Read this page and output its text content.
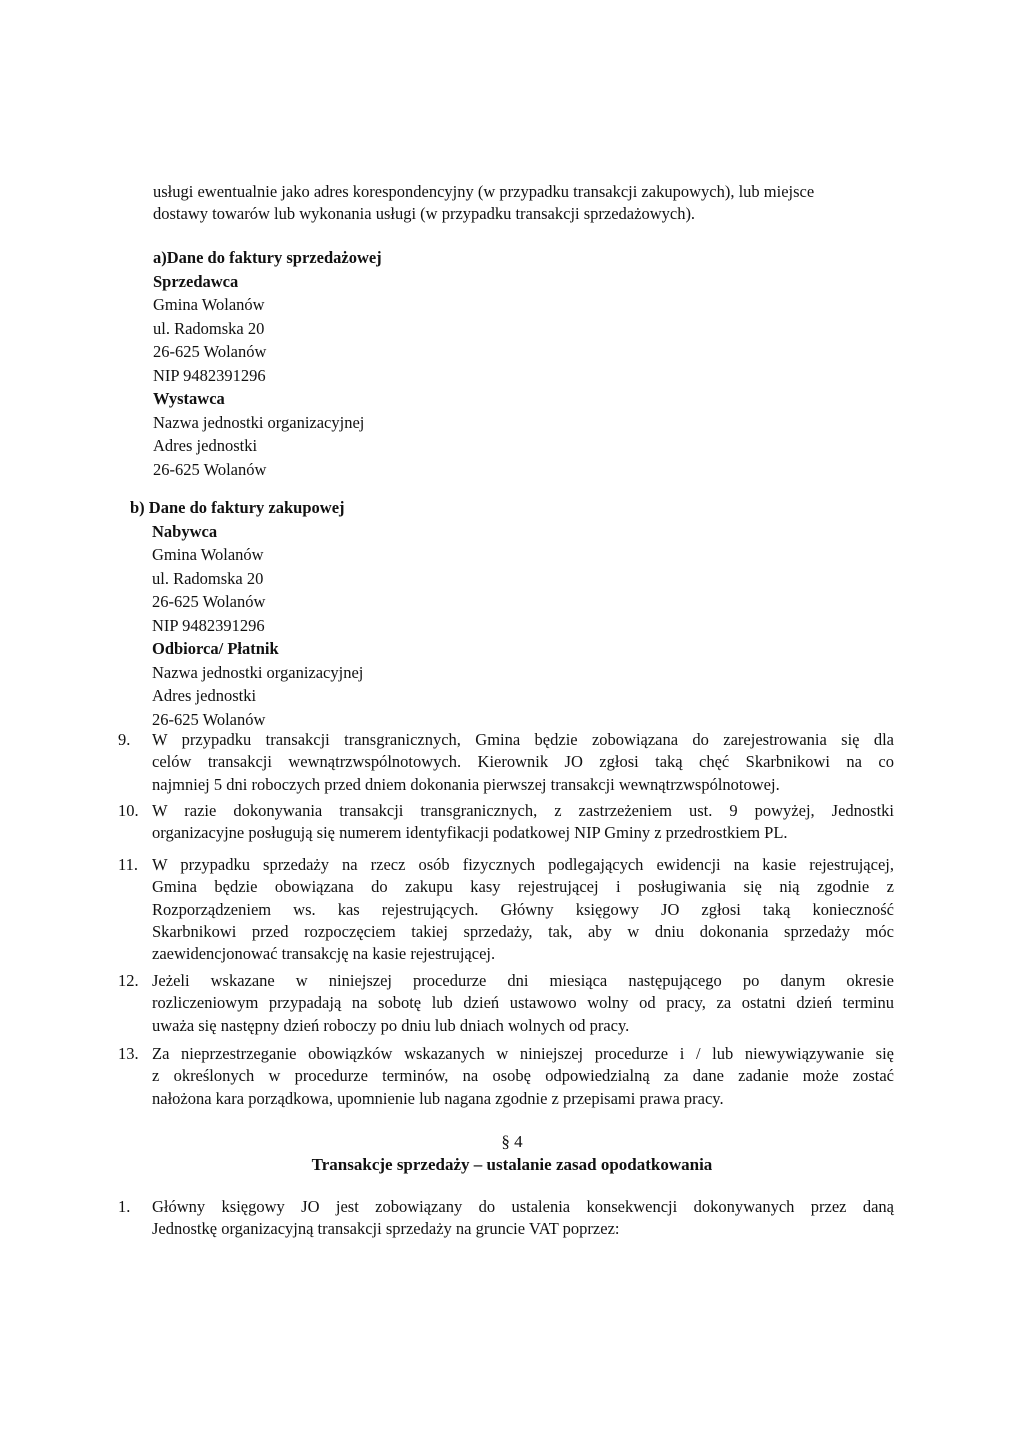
usługi ewentualnie jako adres korespondencyjny (w przypadku transakcji zakupowych), lub miejsce
dostawy towarów lub wykonania usługi (w przypadku transakcji sprzedażowych).
a)Dane do faktury sprzedażowej
Sprzedawca
Gmina Wolanów
ul. Radomska 20
26-625 Wolanów
NIP 9482391296
Wystawca
Nazwa jednostki organizacyjnej
Adres jednostki
26-625 Wolanów
b) Dane do faktury zakupowej
Nabywca
Gmina Wolanów
ul. Radomska 20
26-625 Wolanów
NIP 9482391296
Odbiorca/ Płatnik
Nazwa jednostki organizacyjnej
Adres jednostki
26-625 Wolanów
9.	W przypadku transakcji transgranicznych, Gmina będzie zobowiązana do zarejestrowania się dla

celów transakcji wewnątrzwspólnotowych. Kierownik JO zgłosi taką chęć Skarbnikowi na co

najmniej 5 dni roboczych przed dniem dokonania pierwszej transakcji wewnątrzwspólnotowej.

10. W razie dokonywania transakcji transgranicznych, z zastrzeżeniem ust. 9 powyżej, Jednostki

organizacyjne posługują się numerem identyfikacji podatkowej NIP Gminy z przedrostkiem PL.

11. W przypadku sprzedaży na rzecz osób fizycznych podlegających ewidencji na kasie rejestrującej,

Gmina będzie obowiązana do zakupu kasy rejestrującej i posługiwania się nią zgodnie z

Rozporządzeniem ws. kas rejestrujących. Główny księgowy JO zgłosi taką konieczność

Skarbnikowi przed rozpoczęciem takiej sprzedaży, tak, aby w dniu dokonania sprzedaży móc

zaewidencjonować transakcję na kasie rejestrującej.

12. Jeżeli wskazane w niniejszej procedurze dni miesiąca następującego po danym okresie

rozliczeniowym przypadają na sobotę lub dzień ustawowo wolny od pracy, za ostatni dzień terminu

uważa się następny dzień roboczy po dniu lub dniach wolnych od pracy.

13. Za nieprzestrzeganie obowiązków wskazanych w niniejszej procedurze i / lub niewywiązywanie się

z określonych w procedurze terminów, na osobę odpowiedzialną za dane zadanie może zostać

nałożona kara porządkowa, upomnienie lub nagana zgodnie z przepisami prawa pracy.

§ 4
Transakcje sprzedaży – ustalanie zasad opodatkowania
1.	Główny księgowy JO jest zobowiązany do ustalenia konsekwencji dokonywanych przez daną

Jednostkę organizacyjną transakcji sprzedaży na gruncie VAT poprzez:
